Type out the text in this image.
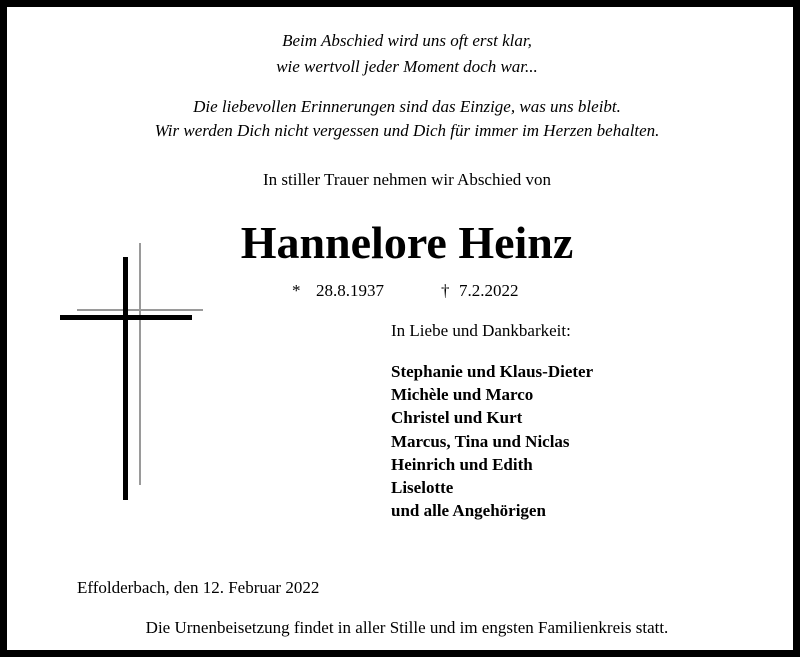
Beim Abschied wird uns oft erst klar,
wie wertvoll jeder Moment doch war...
Die liebevollen Erinnerungen sind das Einzige, was uns bleibt.
Wir werden Dich nicht vergessen und Dich für immer im Herzen behalten.
In stiller Trauer nehmen wir Abschied von
Hannelore Heinz
* 28.8.1937	† 7.2.2022
In Liebe und Dankbarkeit:
Stephanie und Klaus-Dieter
Michèle und Marco
Christel und Kurt
Marcus, Tina und Niclas
Heinrich und Edith
Liselotte
und alle Angehörigen
Effolderbach, den 12. Februar 2022
Die Urnenbeisetzung findet in aller Stille und im engsten Familienkreis statt.
